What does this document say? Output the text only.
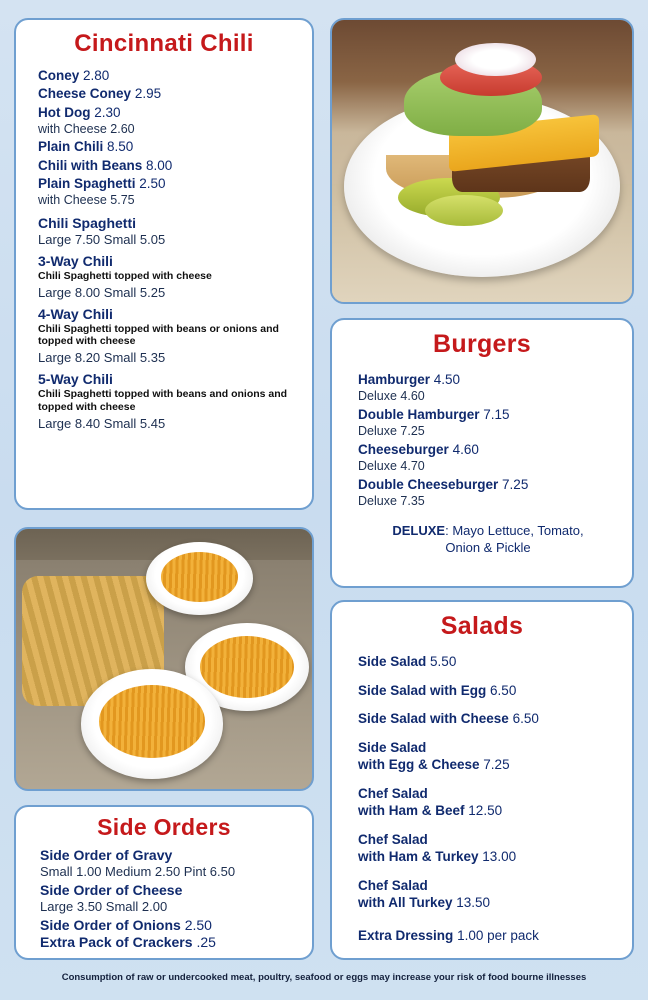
Cincinnati Chili
Coney 2.80
Cheese Coney 2.95
Hot Dog 2.30
with Cheese 2.60
Plain Chili 8.50
Chili with Beans 8.00
Plain Spaghetti 2.50
with Cheese 5.75
Chili Spaghetti
Large 7.50 Small 5.05
3-Way Chili
Chili Spaghetti topped with cheese
Large 8.00 Small 5.25
4-Way Chili
Chili Spaghetti topped with beans or onions and topped with cheese
Large 8.20 Small 5.35
5-Way Chili
Chili Spaghetti topped with beans and onions and topped with cheese
Large 8.40 Small 5.45
Burgers
Hamburger 4.50
Deluxe 4.60
Double Hamburger 7.15
Deluxe 7.25
Cheeseburger 4.60
Deluxe 4.70
Double Cheeseburger 7.25
Deluxe 7.35
DELUXE: Mayo Lettuce, Tomato,
Onion & Pickle
Salads
Side Salad 5.50
Side Salad with Egg 6.50
Side Salad with Cheese 6.50
Side Salad
with Egg & Cheese 7.25
Chef Salad
with Ham & Beef 12.50
Chef Salad
with Ham & Turkey 13.00
Chef Salad
with All Turkey 13.50
Extra Dressing 1.00 per pack
Side Orders
Side Order of Gravy
Small 1.00 Medium 2.50 Pint 6.50
Side Order of Cheese
Large 3.50 Small 2.00
Side Order of Onions 2.50
Extra Pack of Crackers .25
Consumption of raw or undercooked meat, poultry, seafood or eggs may increase your risk of food bourne illnesses
